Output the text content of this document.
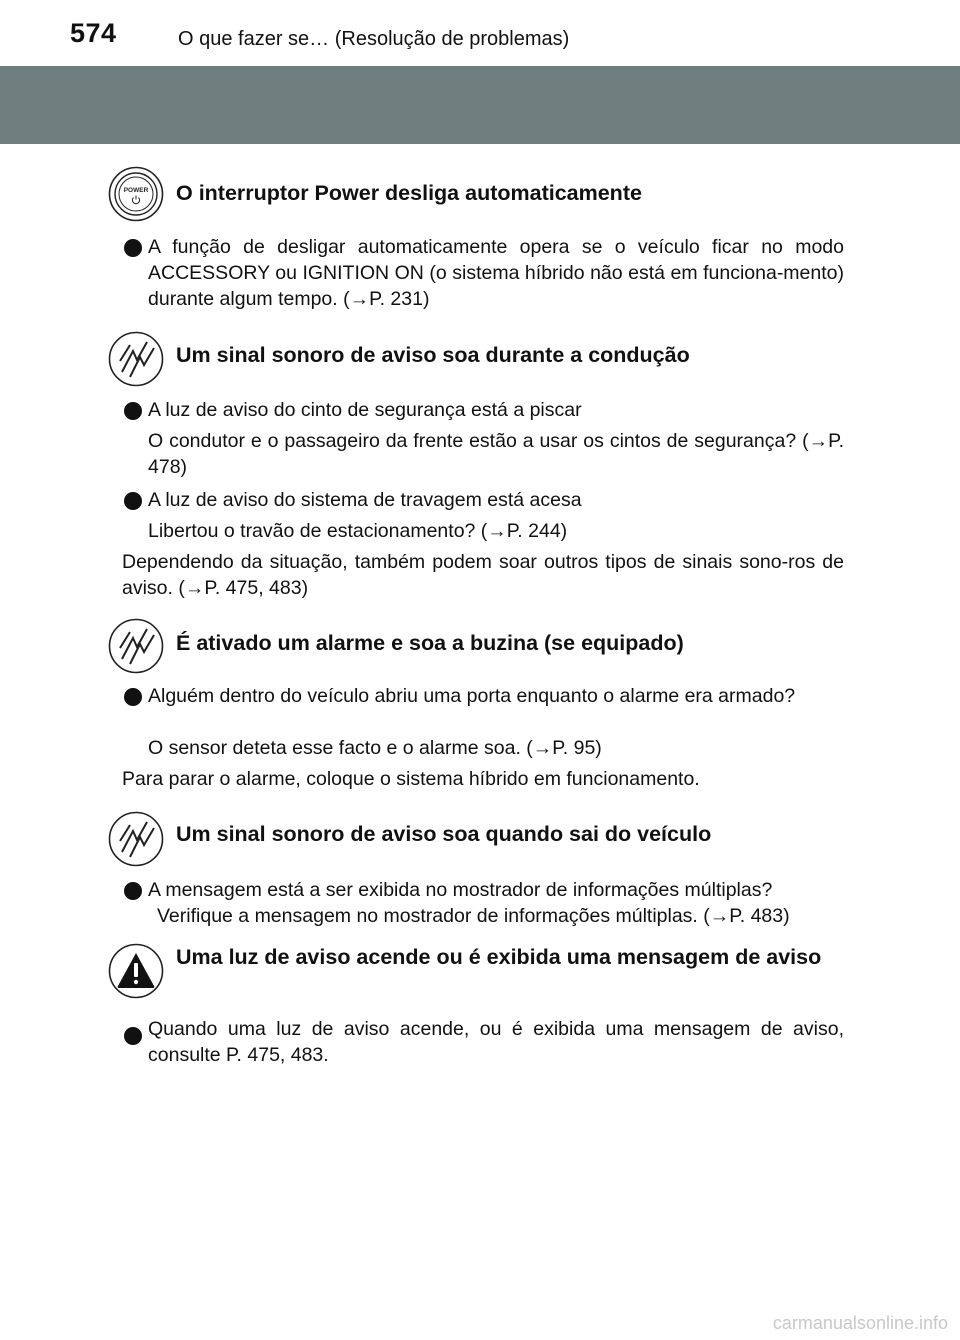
574	O que fazer se… (Resolução de problemas)
POWER O interruptor Power desliga automaticamente
A função de desligar automaticamente opera se o veículo ficar no modo ACCESSORY ou IGNITION ON (o sistema híbrido não está em funciona-mento) durante algum tempo. (→P. 231)
Um sinal sonoro de aviso soa durante a condução
A luz de aviso do cinto de segurança está a piscar
O condutor e o passageiro da frente estão a usar os cintos de segurança? (→P. 478)
A luz de aviso do sistema de travagem está acesa
Libertou o travão de estacionamento? (→P. 244)
Dependendo da situação, também podem soar outros tipos de sinais sono-ros de aviso. (→P. 475, 483)
É ativado um alarme e soa a buzina (se equipado)
Alguém dentro do veículo abriu uma porta enquanto o alarme era armado?
O sensor deteta esse facto e o alarme soa. (→P. 95)
Para parar o alarme, coloque o sistema híbrido em funcionamento.
Um sinal sonoro de aviso soa quando sai do veículo
A mensagem está a ser exibida no mostrador de informações múltiplas?
Verifique a mensagem no mostrador de informações múltiplas. (→P. 483)
Uma luz de aviso acende ou é exibida uma mensagem de aviso
Quando uma luz de aviso acende, ou é exibida uma mensagem de aviso, consulte P. 475, 483.
carmanualsonline.info
